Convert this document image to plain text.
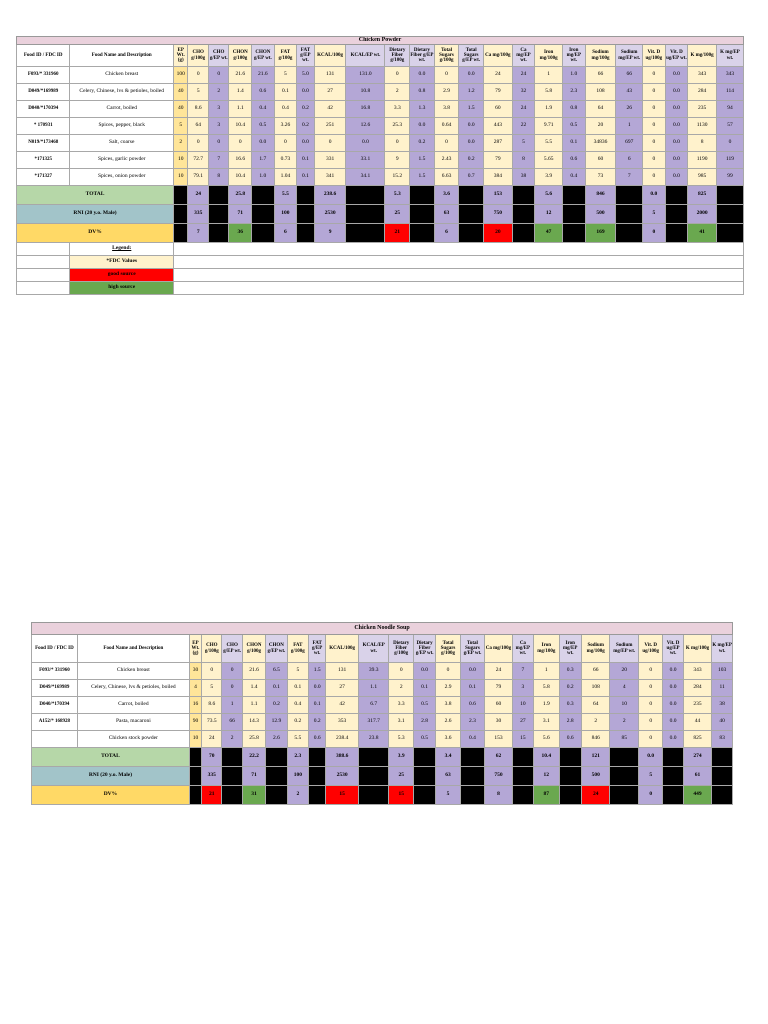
Chicken Powder																								
Food ID / FDC ID	Food Name and Description	EP Wt. (g)	CHO g/100g	CHO g/EP wt.	CHON g/100g	CHON g/EP wt.	FAT g/100g	FAT g/EP wt.	KCAL/100g	KCAL/EP wt.	Dietary Fiber g/100g	Dietary Fiber g/EP wt.	Total Sugars g/100g	Total Sugars g/EP wt.	Ca mg/100g	Ca mg/EP wt.	Iron mg/100g	Iron mg/EP wt.	Sodium mg/100g	Sodium mg/EP wt.	Vit. D ug/100g	Vit. D ug/EP wt.	K mg/100g	K mg/EP wt.
F093/* 331960	Chicken breast	100	0	0	21.6	21.6	5	5.0	131	131.0	0	0.0	0	0.0	24	24	1	1.0	66	66	0	0.0	343	343
D049/*169989	Celery, Chinese, lvs & petioles, boiled	40	5	2	1.4	0.6	0.1	0.0	27	10.8	2	0.8	2.9	1.2	79	32	5.8	2.3	108	43	0	0.0	284	114
D040/*170394	Carrot, boiled	40	8.6	3	1.1	0.4	0.4	0.2	42	16.8	3.3	1.3	3.8	1.5	60	24	1.9	0.8	64	26	0	0.0	235	94
* 170931	Spices, pepper, black	5	64	3	10.4	0.5	3.26	0.2	251	12.6	25.3	0.0	0.64	0.0	443	22	9.71	0.5	20	1	0	0.0	1130	57
N019/*173468	Salt, coarse	2	0	0	0	0.0	0	0.0	0	0.0	0	0.2	0	0.0	287	5	5.5	0.1	34836	697	0	0.0	8	0
*171325	Spices, garlic powder	10	72.7	7	16.6	1.7	0.73	0.1	331	33.1	9	1.5	2.43	0.2	79	8	5.65	0.6	60	6	0	0.0	1190	119
*171327	Spices, onion powder	10	79.1	8	10.4	1.0	1.04	0.1	341	34.1	15.2	1.5	6.63	0.7	384	38	3.9	0.4	73	7	0	0.0	985	99
TOTAL			24		25.8		5.5		238.6		5.3		3.6		153		5.6		846		0.0		825	
RNI (20 y.o. Male)			335		71		100		2530		25		63		750		12		500		5		2000	
DV%			7		36		6		9		21		6		20		47		169		0		41	
	Legend:																							
	*FDC Values																							
	good source																							
	high source																							
Chicken Noodle Soup																								
Food ID / FDC ID	Food Name and Description	EP Wt. (g)	CHO g/100g	CHO g/EP wt.	CHON g/100g	CHON g/EP wt.	FAT g/100g	FAT g/EP wt.	KCAL/100g	KCAL/EP wt.	Dietary Fiber g/100g	Dietary Fiber g/EP wt.	Total Sugars g/100g	Total Sugars g/EP wt.	Ca mg/100g	Ca mg/EP wt.	Iron mg/100g	Iron mg/EP wt.	Sodium mg/100g	Sodium mg/EP wt.	Vit. D ug/100g	Vit. D ug/EP wt.	K mg/100g	K mg/EP wt.
F093/* 331960	Chicken breast	30	0	0	21.6	6.5	5	1.5	131	39.3	0	0.0	0	0.0	24	7	1	0.3	66	20	0	0.0	343	103
D049/*169989	Celery, Chinese, lvs & petioles, boiled	4	5	0	1.4	0.1	0.1	0.0	27	1.1	2	0.1	2.9	0.1	79	3	5.8	0.2	108	4	0	0.0	284	11
D040/*170394	Carrot, boiled	16	8.6	1	1.1	0.2	0.4	0.1	42	6.7	3.3	0.5	3.8	0.6	60	10	1.9	0.3	64	10	0	0.0	235	38
A152/* 168928	Pasta, macaroni	90	73.5	66	14.3	12.9	0.2	0.2	353	317.7	3.1	2.8	2.6	2.3	30	27	3.1	2.8	2	2	0	0.0	44	40
	Chicken stock powder	10	24	2	25.8	2.6	5.5	0.6	238.4	23.8	5.3	0.5	3.6	0.4	153	15	5.6	0.6	846	85	0	0.0	825	83
TOTAL			70		22.2		2.3		388.6		3.9		3.4		62		10.4		121		0.0		274	
RNI (20 y.o. Male)			335		71		100		2530		25		63		750		12		500		5		61	
DV%			21		31		2		15		15		5		8		87		24		0		449	
